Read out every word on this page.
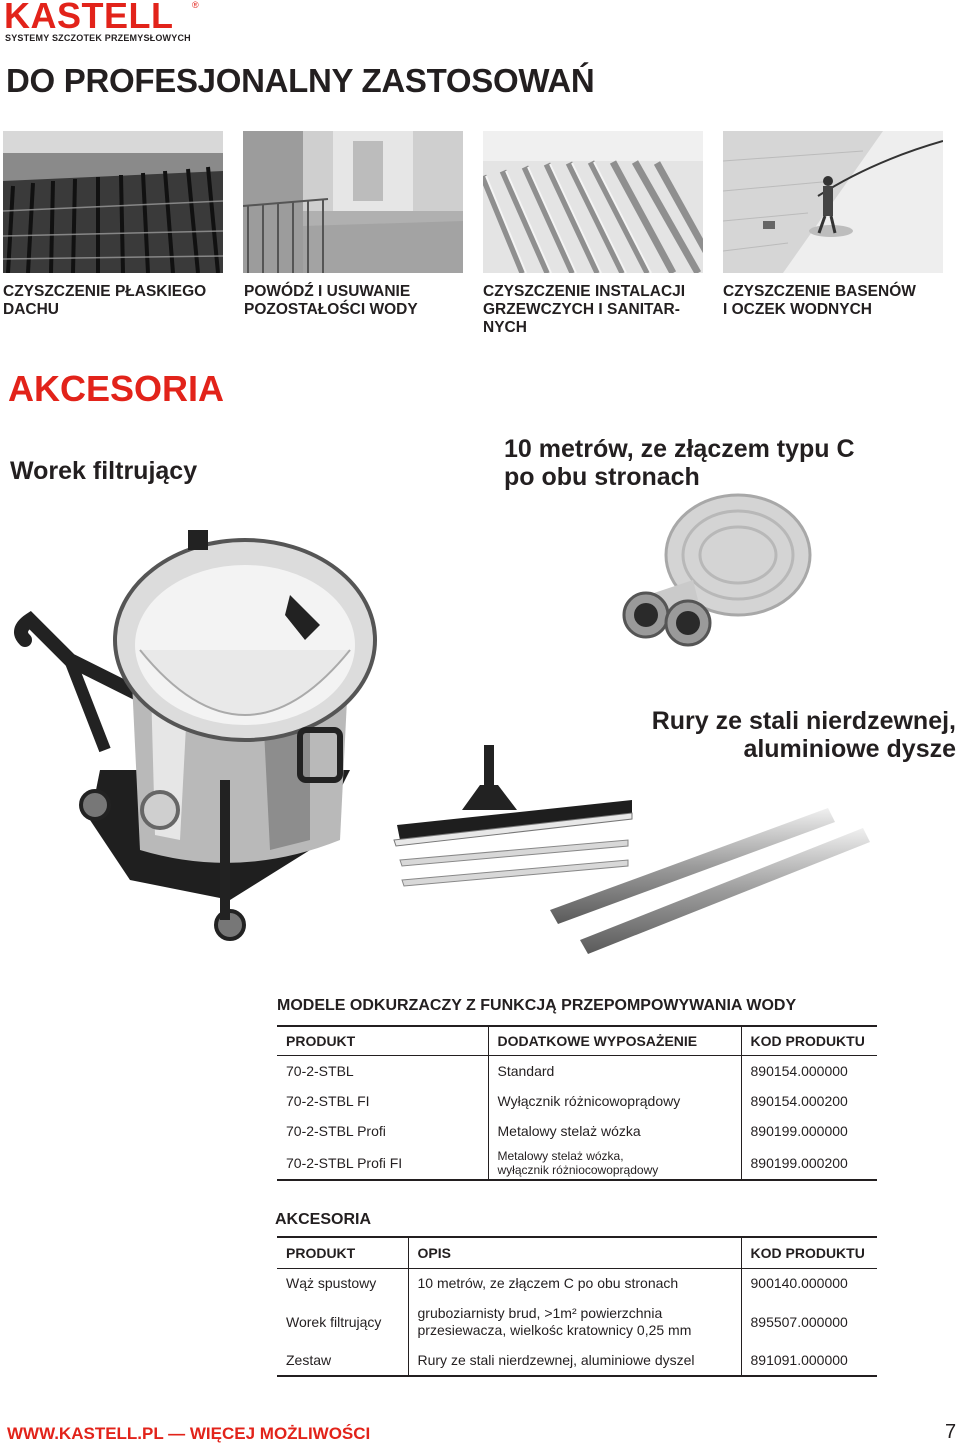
KASTELL ®
SYSTEMY SZCZOTEK PRZEMYSŁOWYCH
DO PROFESJONALNY ZASTOSOWAŃ
CZYSZCZENIE PŁASKIEGO
DACHU
POWÓDŹ I USUWANIE
POZOSTAŁOŚCI WODY
CZYSZCZENIE INSTALACJI
GRZEWCZYCH I SANITAR-
NYCH
CZYSZCZENIE BASENÓW
I OCZEK WODNYCH
AKCESORIA
Worek filtrujący
10 metrów, ze złączem typu C
po obu stronach
Rury ze stali nierdzewnej,
aluminiowe dysze
MODELE ODKURZACZY Z FUNKCJĄ PRZEPOMPOWYWANIA WODY
PRODUKT	DODATKOWE WYPOSAŻENIE	KOD PRODUKTU
70-2-STBL	Standard	890154.000000
70-2-STBL FI	Wyłącznik różnicowoprądowy	890154.000200
70-2-STBL Profi	Metalowy stelaż wózka	890199.000000
70-2-STBL Profi FI	Metalowy stelaż wózka,
wyłącznik różniocowoprądowy	890199.000200
AKCESORIA
PRODUKT	OPIS	KOD PRODUKTU
Wąż spustowy	10 metrów, ze złączem C po obu stronach	900140.000000
Worek filtrujący	gruboziarnisty brud, >1m² powierzchnia
przesiewacza, wielkośc kratownicy 0,25 mm	895507.000000
Zestaw	Rury ze stali nierdzewnej, aluminiowe dyszel	891091.000000
WWW.KASTELL.PL — WIĘCEJ MOŻLIWOŚCI	7
